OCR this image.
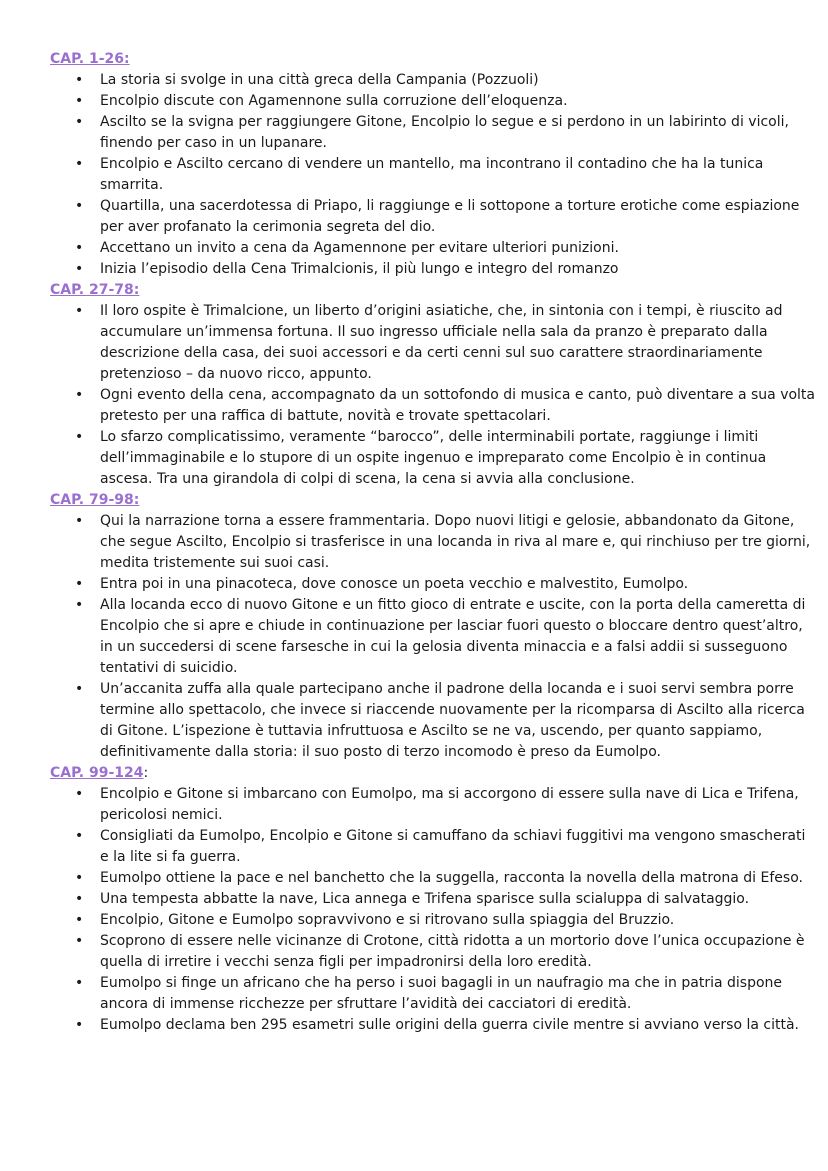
CAP. 1-26:
• La storia si svolge in una città greca della Campania (Pozzuoli)
• Encolpio discute con Agamennone sulla corruzione dell’eloquenza.
• Ascilto se la svigna per raggiungere Gitone, Encolpio lo segue e si perdono in un labirinto di vicoli, finendo per caso in un lupanare.
• Encolpio e Ascilto cercano di vendere un mantello, ma incontrano il contadino che ha la tunica smarrita.
• Quartilla, una sacerdotessa di Priapo, li raggiunge e li sottopone a torture erotiche come espiazione per aver profanato la cerimonia segreta del dio.
• Accettano un invito a cena da Agamennone per evitare ulteriori punizioni.
• Inizia l’episodio della Cena Trimalcionis, il più lungo e integro del romanzo
CAP. 27-78:
• Il loro ospite è Trimalcione, un liberto d’origini asiatiche, che, in sintonia con i tempi, è riuscito ad accumulare un’immensa fortuna. Il suo ingresso ufficiale nella sala da pranzo è preparato dalla descrizione della casa, dei suoi accessori e da certi cenni sul suo carattere straordinariamente pretenzioso – da nuovo ricco, appunto.
• Ogni evento della cena, accompagnato da un sottofondo di musica e canto, può diventare a sua volta pretesto per una raffica di battute, novità e trovate spettacolari.
• Lo sfarzo complicatissimo, veramente “barocco”, delle interminabili portate, raggiunge i limiti dell’immaginabile e lo stupore di un ospite ingenuo e impreparato come Encolpio è in continua ascesa. Tra una girandola di colpi di scena, la cena si avvia alla conclusione.
CAP. 79-98:
• Qui la narrazione torna a essere frammentaria. Dopo nuovi litigi e gelosie, abbandonato da Gitone, che segue Ascilto, Encolpio si trasferisce in una locanda in riva al mare e, qui rinchiuso per tre giorni, medita tristemente sui suoi casi.
• Entra poi in una pinacoteca, dove conosce un poeta vecchio e malvestito, Eumolpo.
• Alla locanda ecco di nuovo Gitone e un fitto gioco di entrate e uscite, con la porta della cameretta di Encolpio che si apre e chiude in continuazione per lasciar fuori questo o bloccare dentro quest’altro, in un succedersi di scene farsesche in cui la gelosia diventa minaccia e a falsi addii si susseguono tentativi di suicidio.
• Un’accanita zuffa alla quale partecipano anche il padrone della locanda e i suoi servi sembra porre termine allo spettacolo, che invece si riaccende nuovamente per la ricomparsa di Ascilto alla ricerca di Gitone. L’ispezione è tuttavia infruttuosa e Ascilto se ne va, uscendo, per quanto sappiamo, definitivamente dalla storia: il suo posto di terzo incomodo è preso da Eumolpo.
CAP. 99-124:
• Encolpio e Gitone si imbarcano con Eumolpo, ma si accorgono di essere sulla nave di Lica e Trifena, pericolosi nemici.
• Consigliati da Eumolpo, Encolpio e Gitone si camuffano da schiavi fuggitivi ma vengono smascherati e la lite si fa guerra.
• Eumolpo ottiene la pace e nel banchetto che la suggella, racconta la novella della matrona di Efeso.
• Una tempesta abbatte la nave, Lica annega e Trifena sparisce sulla scialuppa di salvataggio.
• Encolpio, Gitone e Eumolpo sopravvivono e si ritrovano sulla spiaggia del Bruzzio.
• Scoprono di essere nelle vicinanze di Crotone, città ridotta a un mortorio dove l’unica occupazione è quella di irretire i vecchi senza figli per impadronirsi della loro eredità.
• Eumolpo si finge un africano che ha perso i suoi bagagli in un naufragio ma che in patria dispone ancora di immense ricchezze per sfruttare l’avidità dei cacciatori di eredità.
• Eumolpo declama ben 295 esametri sulle origini della guerra civile mentre si avviano verso la città.
